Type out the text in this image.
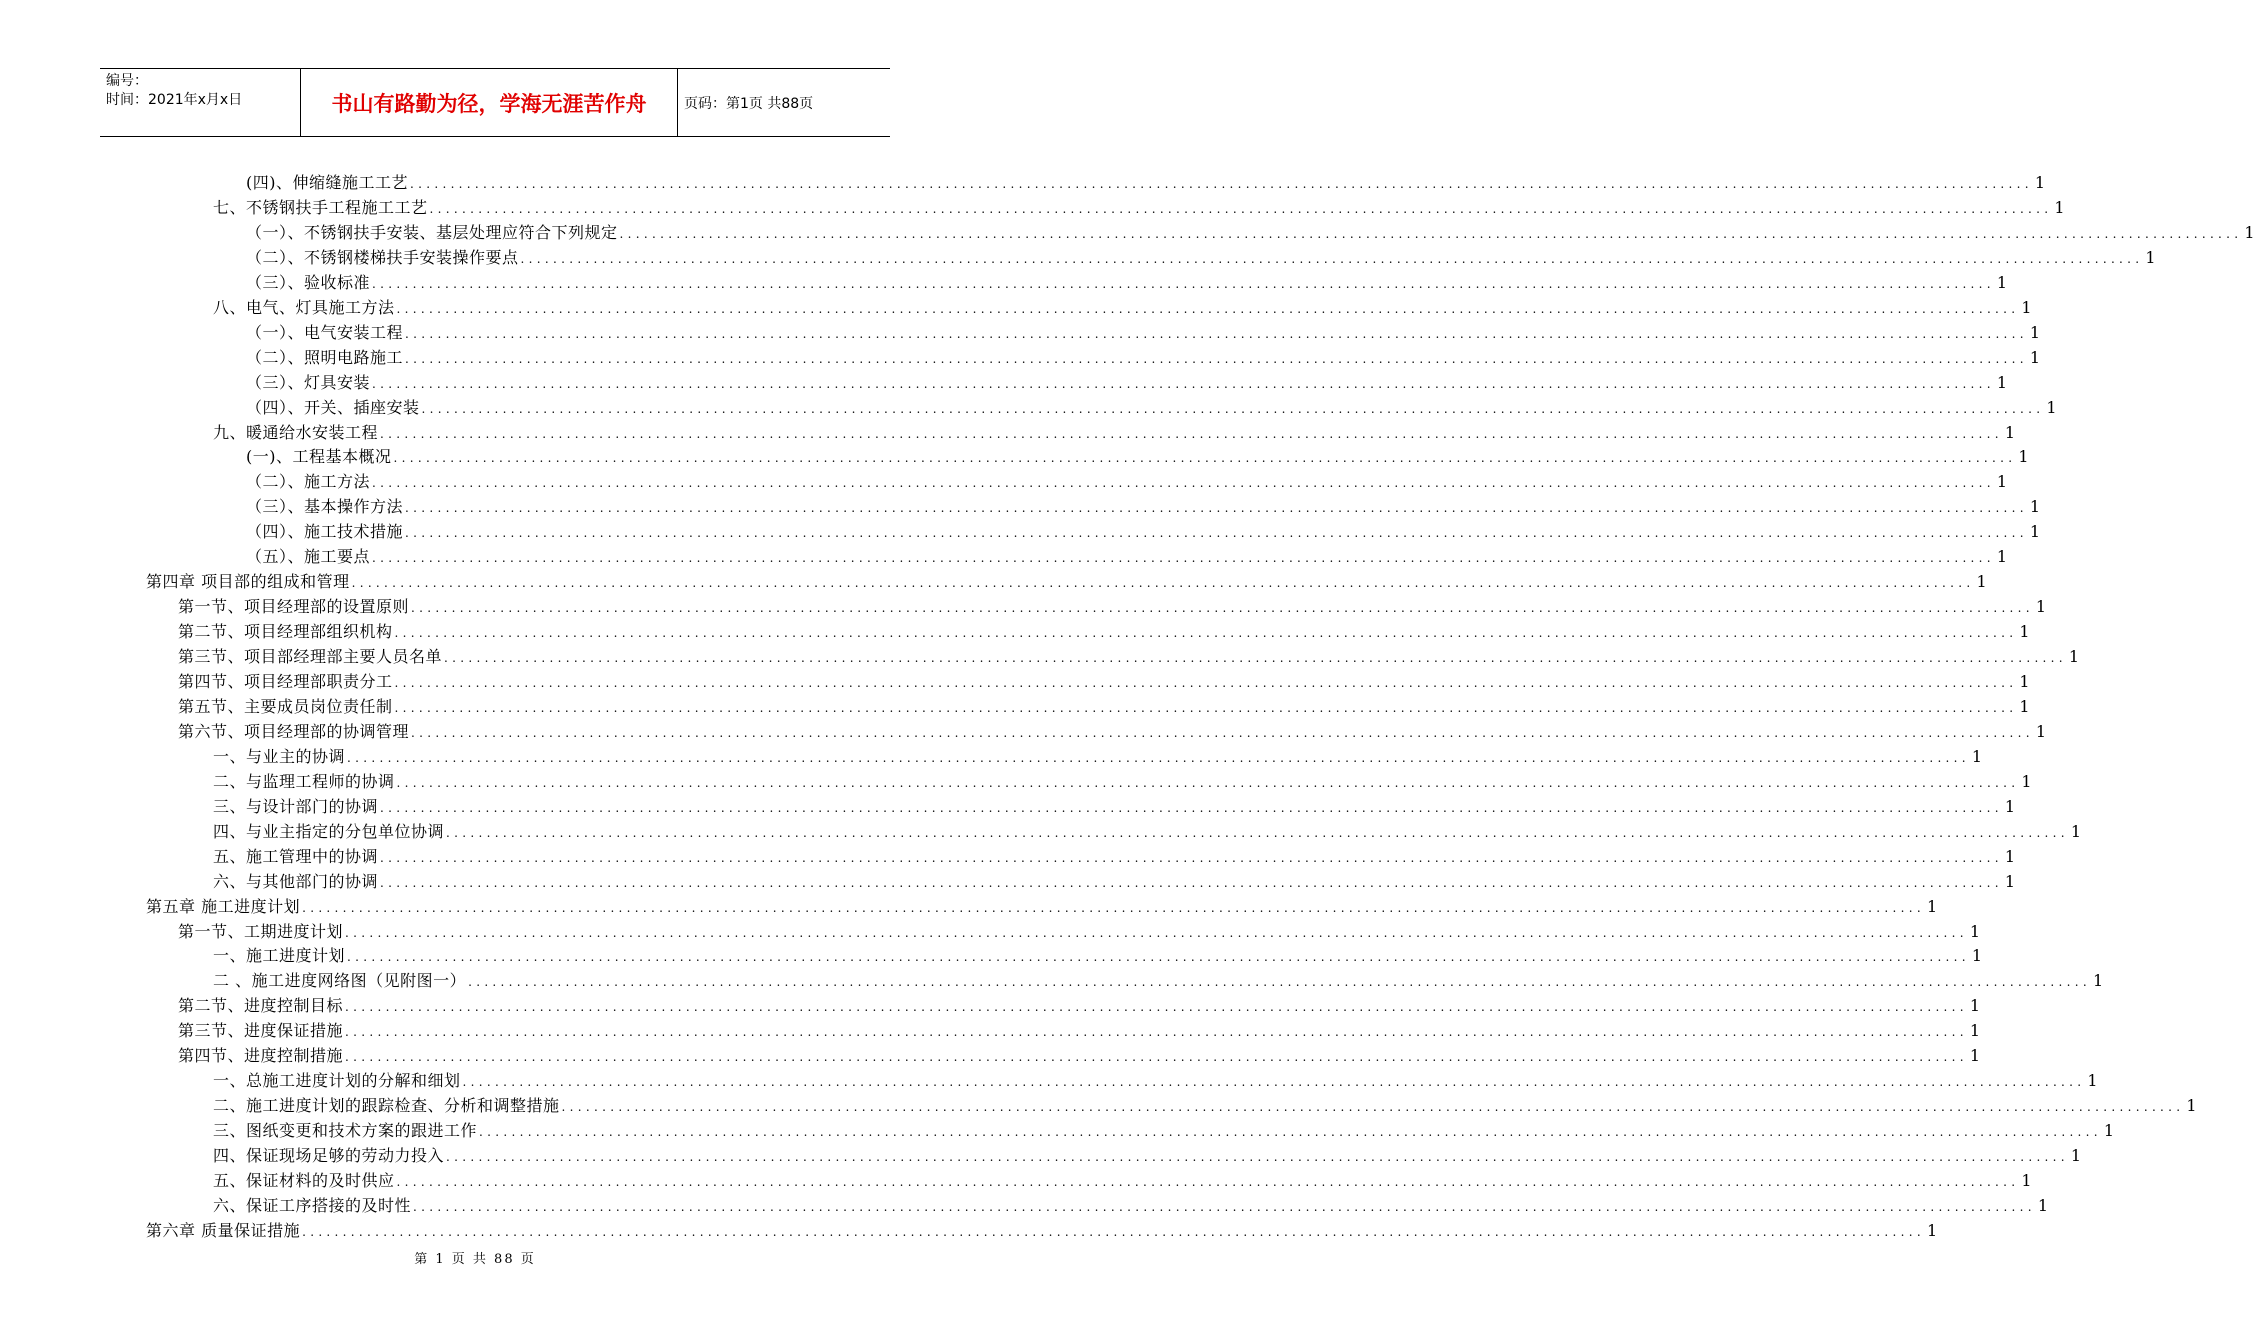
编号：
时间：2021年x月x日	书山有路勤为径，学海无涯苦作舟	页码：第1页 共88页
(四)、伸缩缝施工工艺 ........................................................................................................................................................................................................ 1
七、不锈钢扶手工程施工工艺 ........................................................................................................................................................................................................ 1
（一）、不锈钢扶手安装、基层处理应符合下列规定 ........................................................................................................................................................................................................ 1
（二）、不锈钢楼梯扶手安装操作要点 ........................................................................................................................................................................................................ 1
（三）、验收标准 ........................................................................................................................................................................................................ 1
八、电气、灯具施工方法 ........................................................................................................................................................................................................ 1
（一）、电气安装工程 ........................................................................................................................................................................................................ 1
（二）、照明电路施工 ........................................................................................................................................................................................................ 1
（三）、灯具安装 ........................................................................................................................................................................................................ 1
（四）、开关、插座安装 ........................................................................................................................................................................................................ 1
九、暖通给水安装工程 ........................................................................................................................................................................................................ 1
(一)、工程基本概况 ........................................................................................................................................................................................................ 1
（二）、施工方法 ........................................................................................................................................................................................................ 1
（三）、基本操作方法 ........................................................................................................................................................................................................ 1
（四）、施工技术措施 ........................................................................................................................................................................................................ 1
（五）、施工要点 ........................................................................................................................................................................................................ 1
第四章 项目部的组成和管理 ........................................................................................................................................................................................................ 1
第一节、项目经理部的设置原则 ........................................................................................................................................................................................................ 1
第二节、项目经理部组织机构 ........................................................................................................................................................................................................ 1
第三节、项目部经理部主要人员名单 ........................................................................................................................................................................................................ 1
第四节、项目经理部职责分工 ........................................................................................................................................................................................................ 1
第五节、主要成员岗位责任制 ........................................................................................................................................................................................................ 1
第六节、项目经理部的协调管理 ........................................................................................................................................................................................................ 1
一、与业主的协调 ........................................................................................................................................................................................................ 1
二、与监理工程师的协调 ........................................................................................................................................................................................................ 1
三、与设计部门的协调 ........................................................................................................................................................................................................ 1
四、与业主指定的分包单位协调 ........................................................................................................................................................................................................ 1
五、施工管理中的协调 ........................................................................................................................................................................................................ 1
六、与其他部门的协调 ........................................................................................................................................................................................................ 1
第五章 施工进度计划 ........................................................................................................................................................................................................ 1
第一节、工期进度计划 ........................................................................................................................................................................................................ 1
一、施工进度计划 ........................................................................................................................................................................................................ 1
二 、施工进度网络图（见附图一） ........................................................................................................................................................................................................ 1
第二节、进度控制目标 ........................................................................................................................................................................................................ 1
第三节、进度保证措施 ........................................................................................................................................................................................................ 1
第四节、进度控制措施 ........................................................................................................................................................................................................ 1
一、总施工进度计划的分解和细划 ........................................................................................................................................................................................................ 1
二、施工进度计划的跟踪检查、分析和调整措施 ........................................................................................................................................................................................................ 1
三、图纸变更和技术方案的跟进工作 ........................................................................................................................................................................................................ 1
四、保证现场足够的劳动力投入 ........................................................................................................................................................................................................ 1
五、保证材料的及时供应 ........................................................................................................................................................................................................ 1
六、保证工序搭接的及时性 ........................................................................................................................................................................................................ 1
第六章 质量保证措施 ........................................................................................................................................................................................................ 1
第 1 页 共 88 页
